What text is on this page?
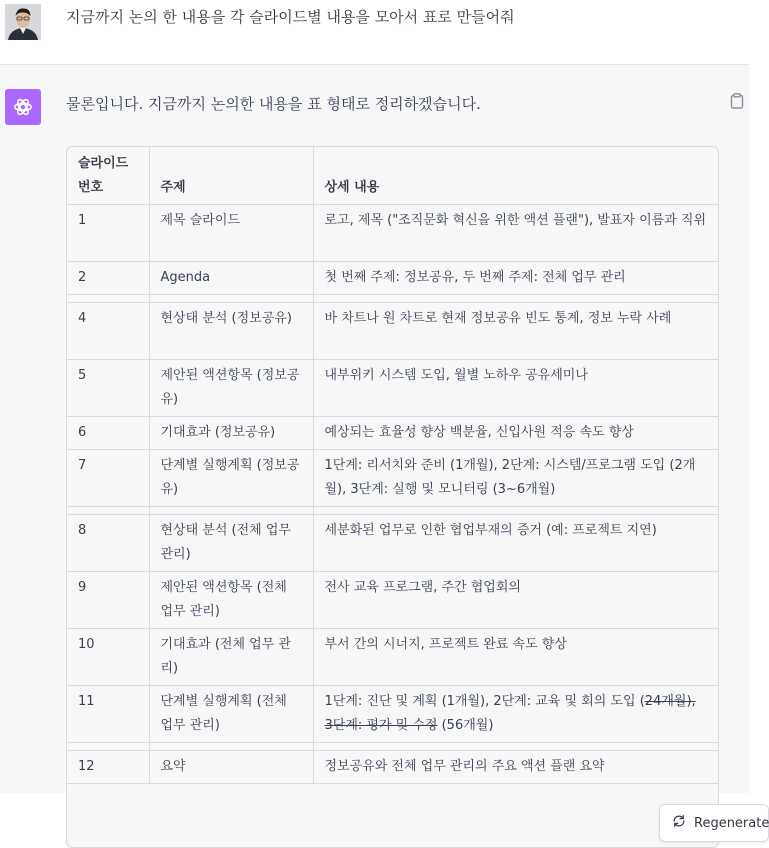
지금까지 논의 한 내용을 각 슬라이드별 내용을 모아서 표로 만들어줘
물론입니다. 지금까지 논의한 내용을 표 형태로 정리하겠습니다.
슬라이드
번호	주제	상세 내용
1	제목 슬라이드	로고, 제목 ("조직문화 혁신을 위한 액션 플랜"), 발표자 이름과 직위
2	Agenda	첫 번째 주제: 정보공유, 두 번째 주제: 전체 업무 관리

4	현상태 분석 (정보공유)	바 차트나 원 차트로 현재 정보공유 빈도 통계, 정보 누락 사례
5	제안된 액션항목 (정보공유)	내부위키 시스템 도입, 월별 노하우 공유세미나
6	기대효과 (정보공유)	예상되는 효율성 향상 백분율, 신입사원 적응 속도 향상
7	단계별 실행계획 (정보공유)	1단계: 리서치와 준비 (1개월), 2단계: 시스템/프로그램 도입 (2개월), 3단계: 실행 및 모니터링 (3~6개월)

8	현상태 분석 (전체 업무 관리)	세분화된 업무로 인한 협업부재의 증거 (예: 프로젝트 지연)
9	제안된 액션항목 (전체 업무 관리)	전사 교육 프로그램, 주간 협업회의
10	기대효과 (전체 업무 관리)	부서 간의 시너지, 프로젝트 완료 속도 향상
11	단계별 실행계획 (전체 업무 관리)	1단계: 진단 및 계획 (1개월), 2단계: 교육 및 회의 도입 (24개월), 3단계: 평가 및 수정 (56개월)

12	요약	정보공유와 전체 업무 관리의 주요 액션 플랜 요약
Regenerate
